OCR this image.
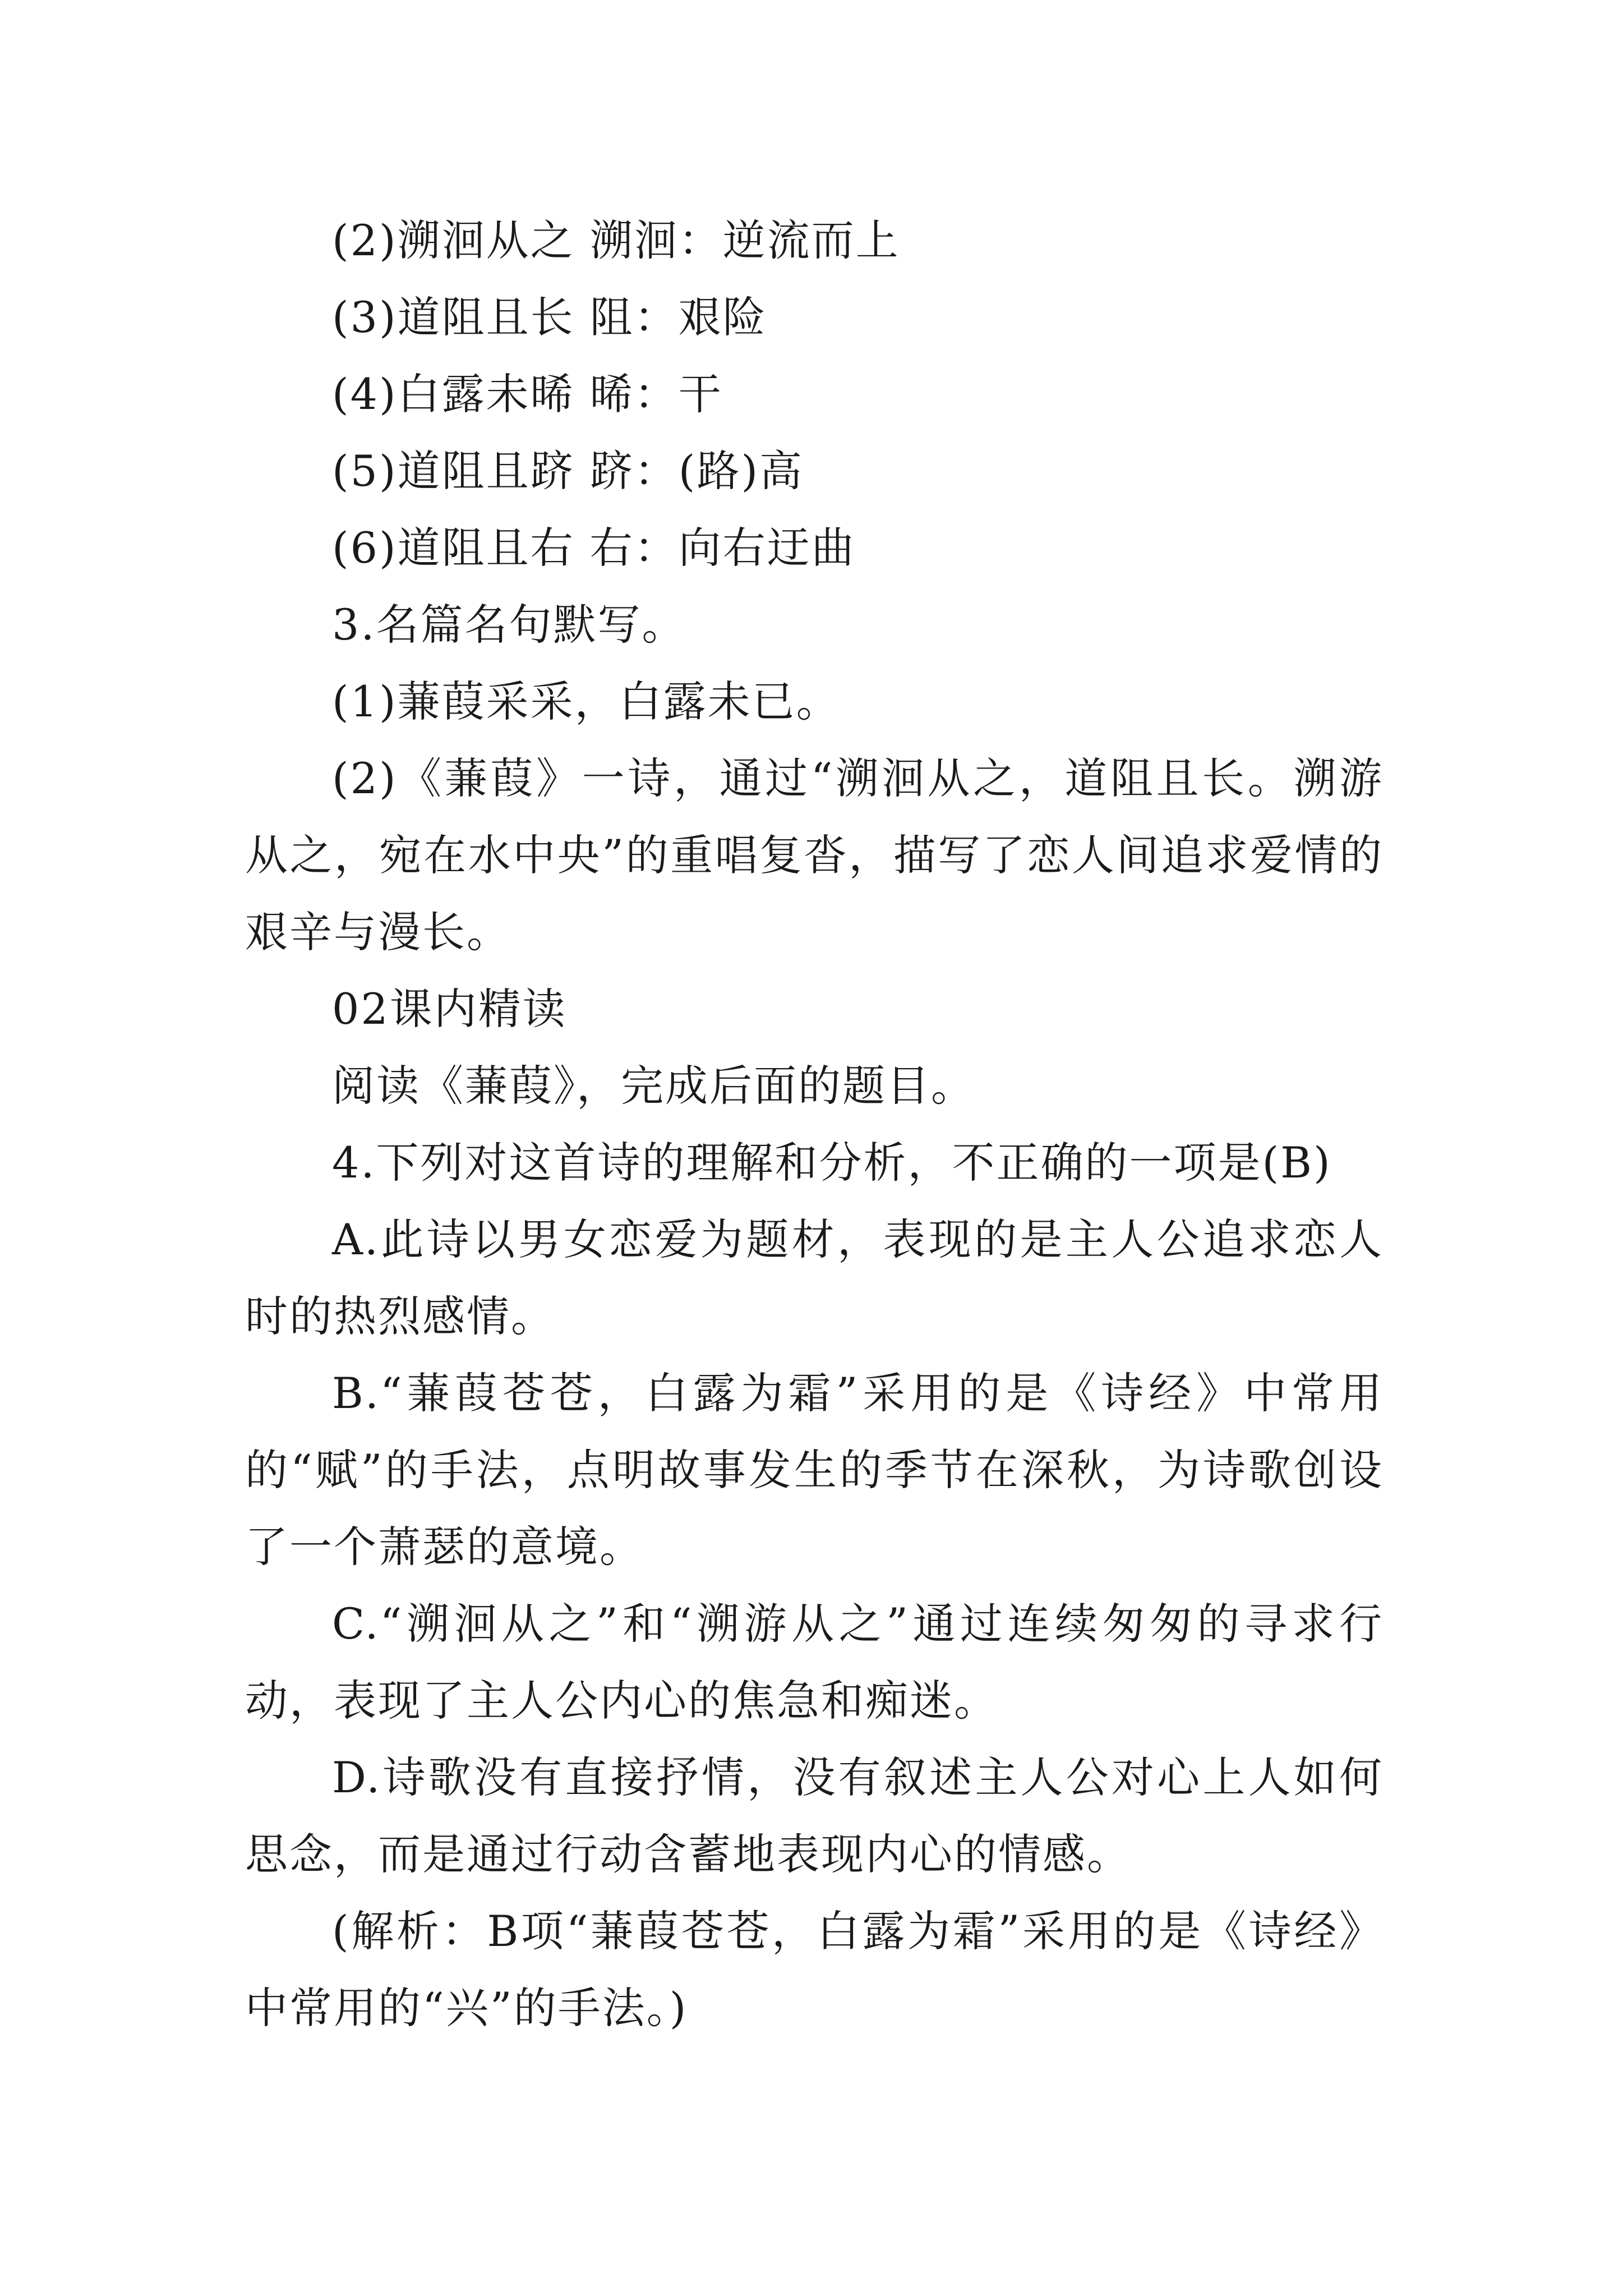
(2)溯洄从之 溯洄：逆流而上

(3)道阻且长 阻：艰险

(4)白露未晞 晞：干

(5)道阻且跻 跻：(路)高

(6)道阻且右 右：向右迂曲

3.名篇名句默写。

(1)蒹葭采采，白露未已。

(2)《蒹葭》一诗，通过“溯洄从之，道阻且长。溯游从之，宛在水中央”的重唱复沓，描写了恋人间追求爱情的艰辛与漫长。

02课内精读

阅读《蒹葭》，完成后面的题目。

4.下列对这首诗的理解和分析，不正确的一项是(B)

A.此诗以男女恋爱为题材，表现的是主人公追求恋人时的热烈感情。

B.“蒹葭苍苍，白露为霜”采用的是《诗经》中常用的“赋”的手法，点明故事发生的季节在深秋，为诗歌创设了一个萧瑟的意境。

C.“溯洄从之”和“溯游从之”通过连续匆匆的寻求行动，表现了主人公内心的焦急和痴迷。

D.诗歌没有直接抒情，没有叙述主人公对心上人如何思念，而是通过行动含蓄地表现内心的情感。

(解析：B项“蒹葭苍苍，白露为霜”采用的是《诗经》中常用的“兴”的手法。)
